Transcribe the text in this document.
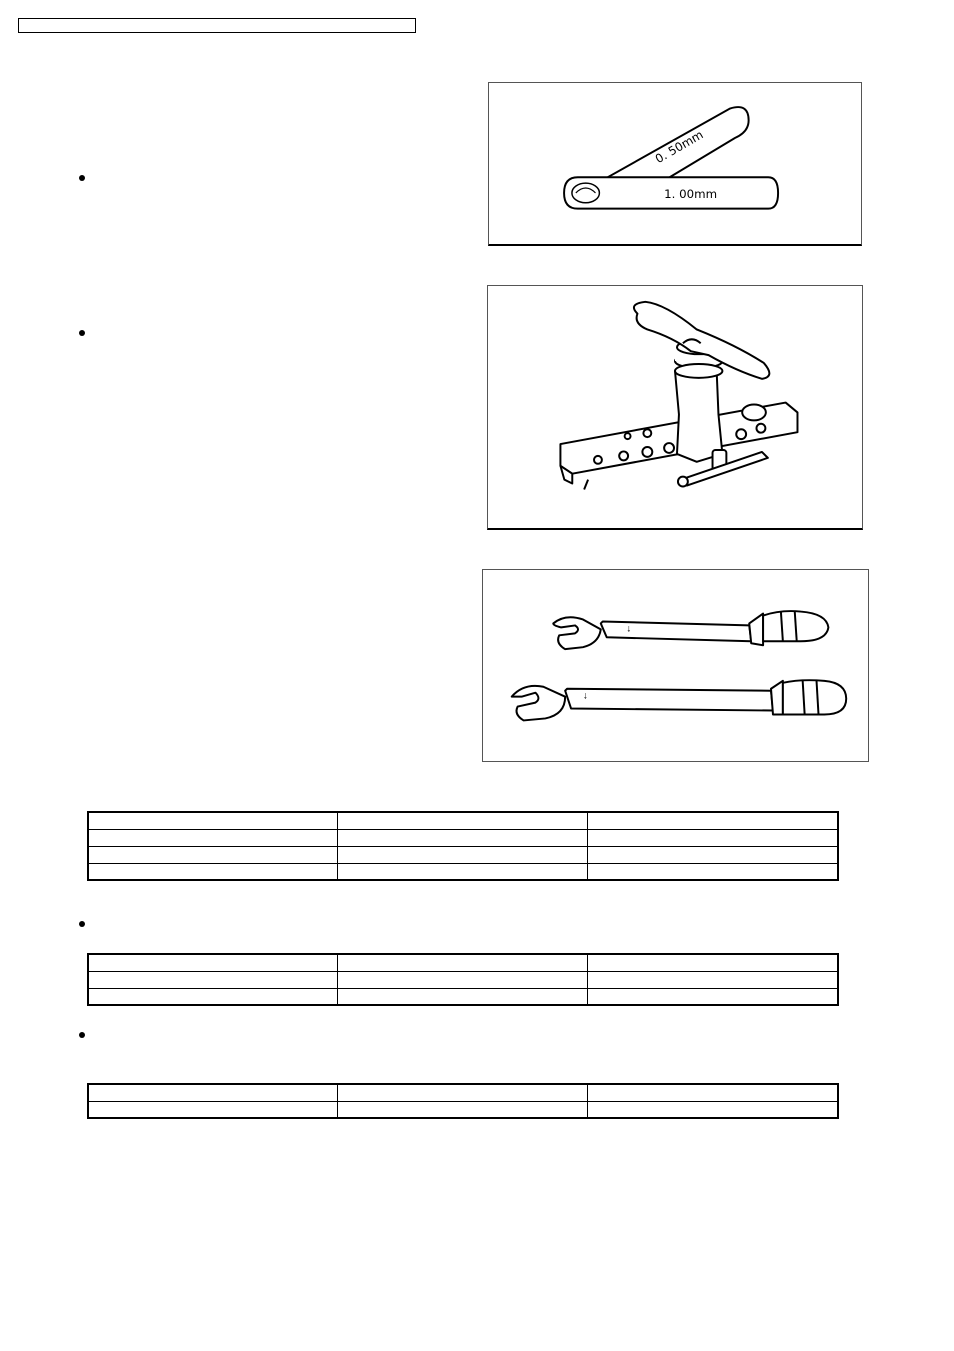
0. 50mm
1. 00mm
↓
↓
